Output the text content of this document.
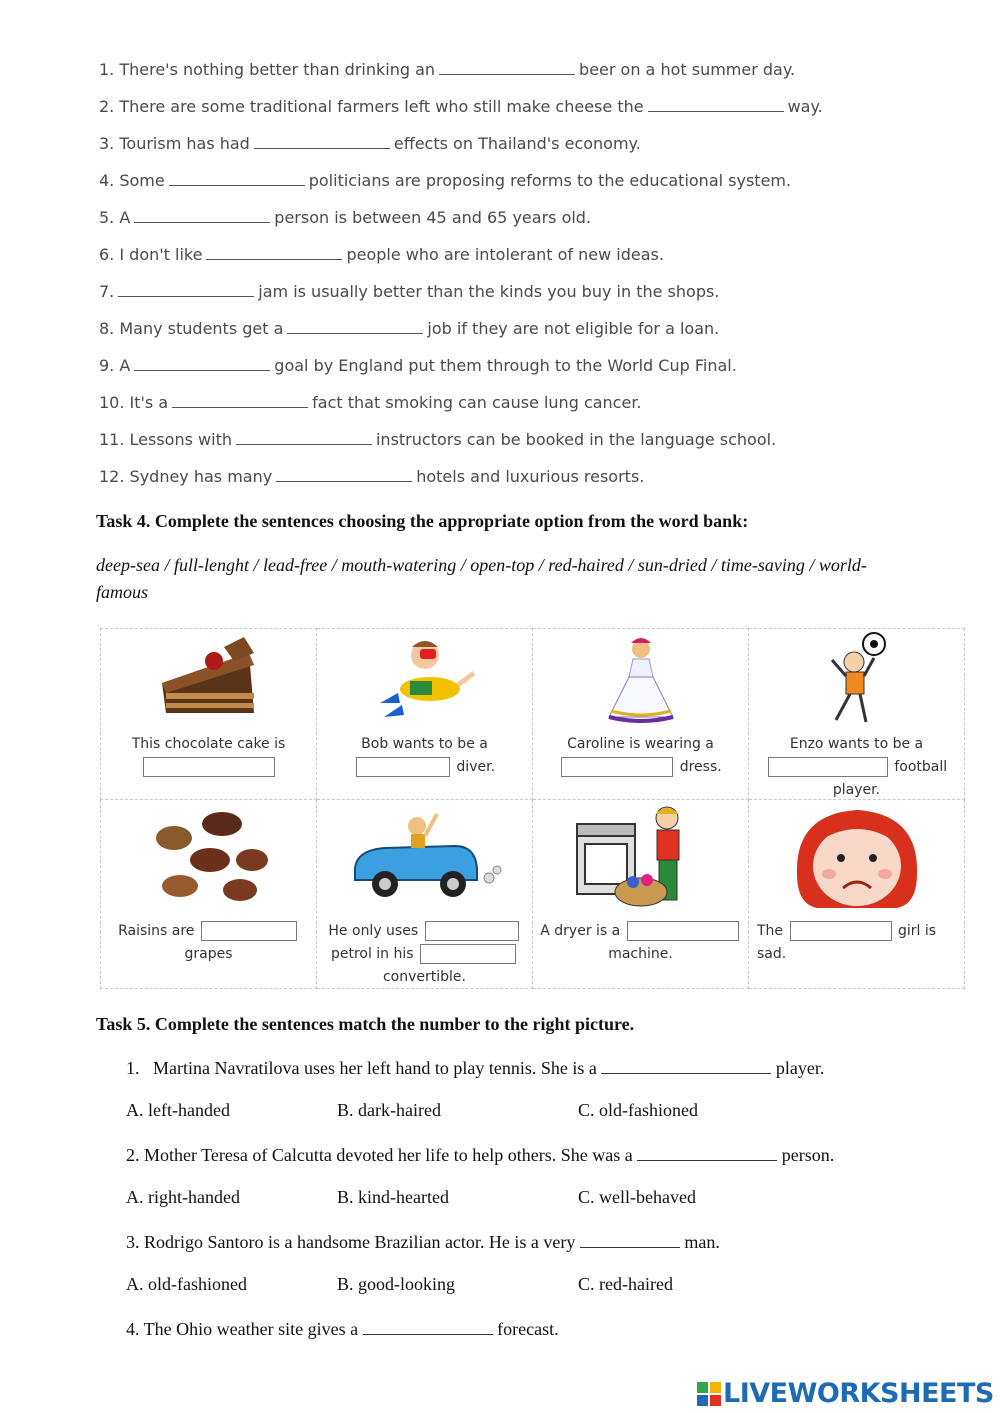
1. There's nothing better than drinking an	beer on a hot summer day.
2. There are some traditional farmers left who still make cheese the	way.
3. Tourism has had	effects on Thailand's economy.
4. Some	politicians are proposing reforms to the educational system.
5. A	person is between 45 and 65 years old.
6. I don't like	people who are intolerant of new ideas.
7.	jam is usually better than the kinds you buy in the shops.
8. Many students get a	job if they are not eligible for a loan.
9. A	goal by England put them through to the World Cup Final.
10. It's a	fact that smoking can cause lung cancer.
11. Lessons with	instructors can be booked in the language school.
12. Sydney has many	hotels and luxurious resorts.
Task 4. Complete the sentences choosing the appropriate option from the word bank:
deep-sea / full-lenght / lead-free / mouth-watering / open-top / red-haired / sun-dried / time-saving / world-famous
This chocolate cake is	Bob wants to be a
diver.	Caroline is wearing a
dress.	Enzo wants to be a
football
player.

Raisins are
grapes	He only uses
petrol in his
convertible.	A dryer is a
machine.	The girl is
sad.
Task 5. Complete the sentences match the number to the right picture.
1. Martina Navratilova uses her left hand to play tennis. She is a	player.
A. left-handed	B. dark-haired	C. old-fashioned
2. Mother Teresa of Calcutta devoted her life to help others. She was a	person.
A. right-handed	B. kind-hearted	C. well-behaved
3. Rodrigo Santoro is a handsome Brazilian actor. He is a very	man.
A. old-fashioned	B. good-looking	C. red-haired
4. The Ohio weather site gives a	forecast.
LIVEWORKSHEETS
